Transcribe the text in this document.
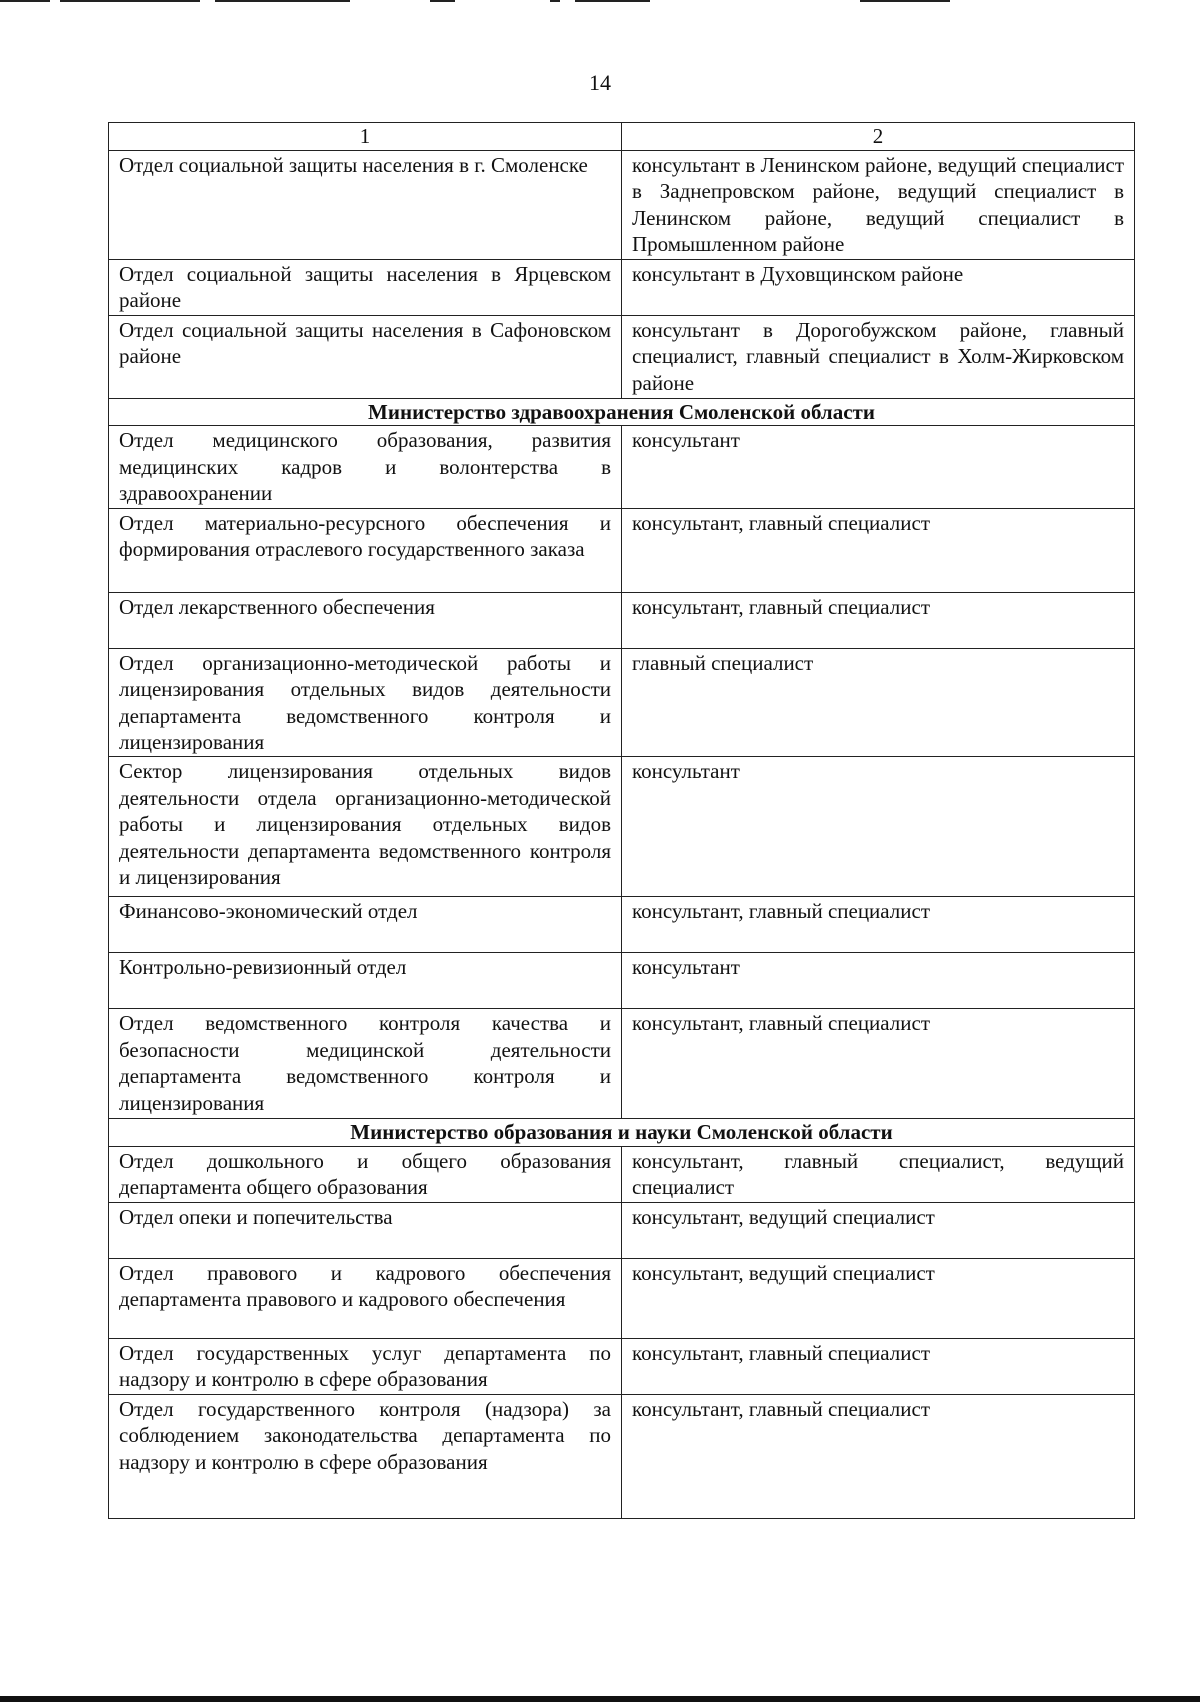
14
1	2
Отдел социальной защиты населения в г. Смоленске	консультант в Ленинском районе, ведущий специалист в Заднепровском районе, ведущий специалист в Ленинском районе, ведущий специалист в Промышленном районе
Отдел социальной защиты населения в Ярцевском районе	консультант в Духовщинском районе
Отдел социальной защиты населения в Сафоновском районе	консультант в Дорогобужском районе, главный специалист, главный специалист в Холм-Жирковском районе
Министерство здравоохранения Смоленской области	
Отдел медицинского образования, развития медицинских кадров и волонтерства в здравоохранении	консультант
Отдел материально-ресурсного обеспечения и формирования отраслевого государственного заказа	консультант, главный специалист
Отдел лекарственного обеспечения	консультант, главный специалист
Отдел организационно-методической работы и лицензирования отдельных видов деятельности департамента ведомственного контроля и лицензирования	главный специалист
Сектор лицензирования отдельных видов деятельности отдела организационно-методической работы и лицензирования отдельных видов деятельности департамента ведомственного контроля и лицензирования	консультант
Финансово-экономический отдел	консультант, главный специалист
Контрольно-ревизионный отдел	консультант
Отдел ведомственного контроля качества и безопасности медицинской деятельности департамента ведомственного контроля и лицензирования	консультант, главный специалист
Министерство образования и науки Смоленской области	
Отдел дошкольного и общего образования департамента общего образования	консультант, главный специалист, ведущий специалист
Отдел опеки и попечительства	консультант, ведущий специалист
Отдел правового и кадрового обеспечения департамента правового и кадрового обеспечения	консультант, ведущий специалист
Отдел государственных услуг департамента по надзору и контролю в сфере образования	консультант, главный специалист
Отдел государственного контроля (надзора) за соблюдением законодательства департамента по надзору и контролю в сфере образования	консультант, главный специалист
